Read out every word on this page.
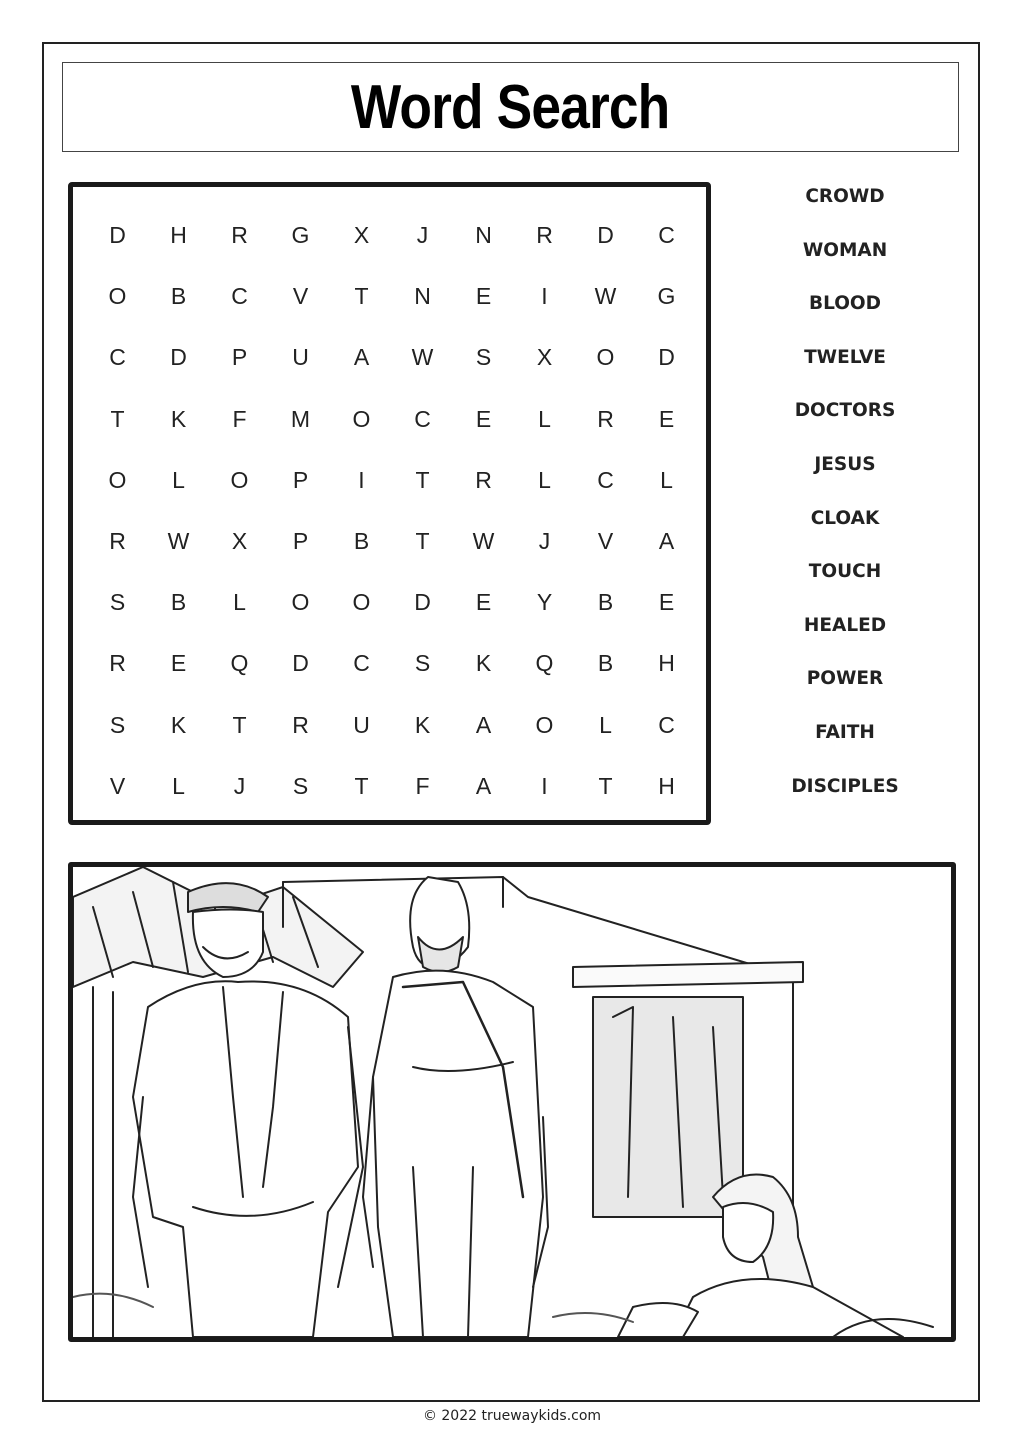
Word Search
D	H	R	G	X	J	N	R	D	C
O	B	C	V	T	N	E	I	W	G
C	D	P	U	A	W	S	X	O	D
T	K	F	M	O	C	E	L	R	E
O	L	O	P	I	T	R	L	C	L
R	W	X	P	B	T	W	J	V	A
S	B	L	O	O	D	E	Y	B	E
R	E	Q	D	C	S	K	Q	B	H
S	K	T	R	U	K	A	O	L	C
V	L	J	S	T	F	A	I	T	H
CROWD
WOMAN
BLOOD
TWELVE
DOCTORS
JESUS
CLOAK
TOUCH
HEALED
POWER
FAITH
DISCIPLES
© 2022 truewaykids.com
